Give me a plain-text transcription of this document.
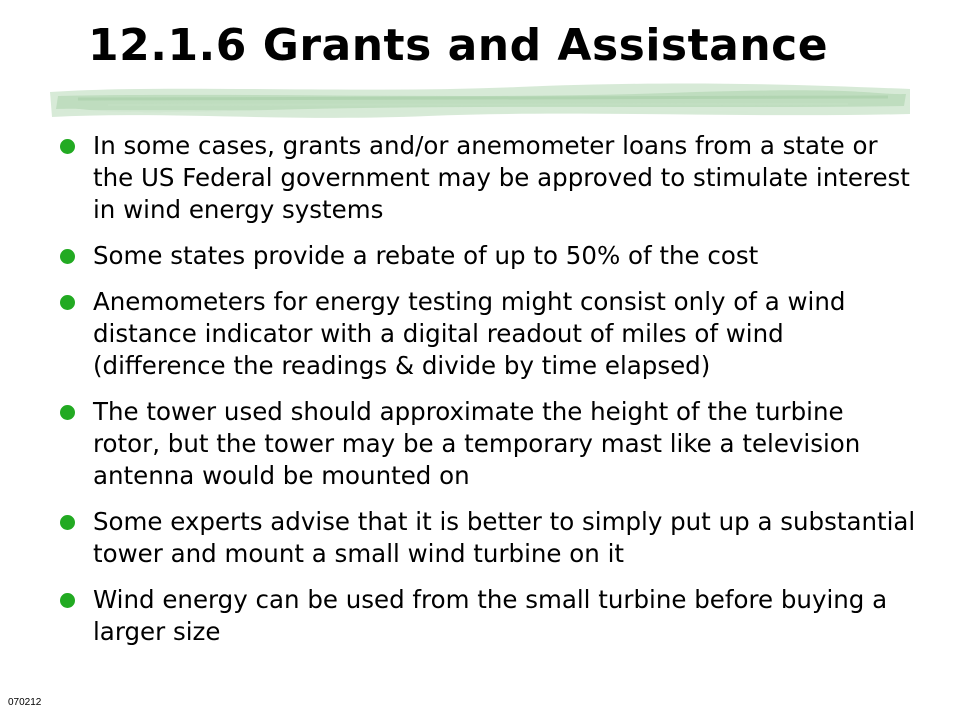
12.1.6 Grants and Assistance
In some cases, grants and/or anemometer loans from a state or the US Federal government may be approved to stimulate interest in wind energy systems
Some states provide a rebate of up to 50% of the cost
Anemometers for energy testing might consist only of a wind distance indicator with a digital readout of miles of wind (difference the readings & divide by time elapsed)
The tower used should approximate the height of the turbine rotor, but the tower may be a temporary mast like a television antenna would be mounted on
Some experts advise that it is better to simply put up a substantial tower and mount a small wind turbine on it
Wind energy can be used from the small turbine before buying a larger size
070212
